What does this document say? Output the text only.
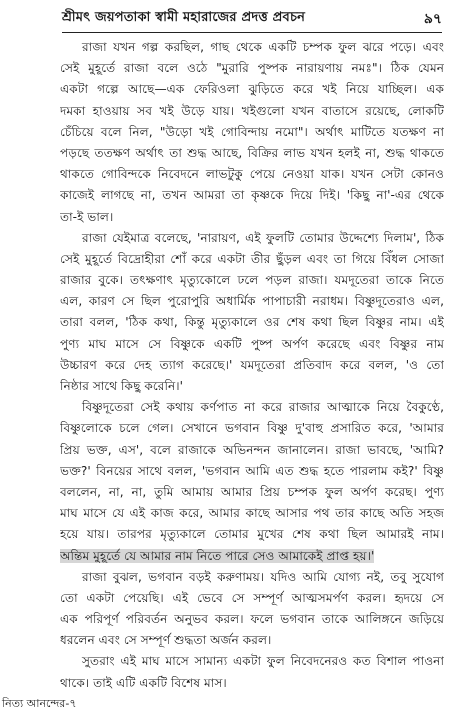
শ্রীমৎ জয়পতাকা স্বামী মহারাজের প্রদত্ত প্রবচন	৯৭
রাজা যখন গল্প করছিল, গাছ থেকে একটি চম্পক ফুল ঝরে পড়ে। এবং
সেই মুহূর্তে রাজা বলে ওঠে "মুরারি পুষ্পক নারায়ণায় নমঃ"। ঠিক যেমন
একটা গল্পে আছে—এক ফেরিওলা ঝুড়িতে করে খই নিয়ে যাচ্ছিল। এক
দমকা হাওয়ায় সব খই উড়ে যায়। খইগুলো যখন বাতাসে রয়েছে, লোকটি
চেঁচিয়ে বলে নিল, "উড়ো খই গোবিন্দায় নমো"। অর্থাৎ মাটিতে যতক্ষণ না
পড়ছে ততক্ষণ অর্থাৎ তা শুদ্ধ আছে, বিক্রির লাভ যখন হলই না, শুদ্ধ থাকতে
থাকতে গোবিন্দকে নিবেদনে লাভটুকু পেয়ে নেওয়া যাক। যখন সেটা কোনও
কাজেই লাগছে না, তখন আমরা তা কৃষ্ণকে দিয়ে দিই। 'কিছু না'-এর থেকে
তা-ই ভাল।
রাজা যেইমাত্র বলেছে, 'নারায়ণ, এই ফুলটি তোমার উদ্দেশ্যে দিলাম', ঠিক
সেই মুহূর্তে বিদ্রোহীরা শোঁ করে একটা তীর ছুঁড়ল এবং তা গিয়ে বিঁধল সোজা
রাজার বুকে। তৎক্ষণাৎ মৃত্যুকোলে ঢলে পড়ল রাজা। যমদূতেরা তাকে নিতে
এল, কারণ সে ছিল পুরোপুরি অধার্মিক পাপাচারী নরাধম। বিষ্ণুদূতেরাও এল,
তারা বলল, 'ঠিক কথা, কিন্তু মৃত্যুকালে ওর শেষ কথা ছিল বিষ্ণুর নাম। এই
পুণ্য মাঘ মাসে সে বিষ্ণুকে একটি পুষ্প অর্পণ করেছে এবং বিষ্ণুর নাম
উচ্চারণ করে দেহ ত্যাগ করেছে।' যমদূতেরা প্রতিবাদ করে বলল, 'ও তো
নিষ্ঠার সাথে কিছু করেনি।'
বিষ্ণুদূতেরা সেই কথায় কর্ণপাত না করে রাজার আত্মাকে নিয়ে বৈকুণ্ঠে,
বিষ্ণুলোকে চলে গেল। সেখানে ভগবান বিষ্ণু দু'বাহু প্রসারিত করে, 'আমার
প্রিয় ভক্ত, এস', বলে রাজাকে অভিনন্দন জানালেন। রাজা ভাবছে, 'আমি?
ভক্ত?' বিনয়ের সাথে বলল, 'ভগবান আমি এত শুদ্ধ হতে পারলাম কই?' বিষ্ণু
বললেন, না, না, তুমি আমায় আমার প্রিয় চম্পক ফুল অর্পণ করেছ। পুণ্য
মাঘ মাসে যে এই কাজ করে, আমার কাছে আসার পথ তার কাছে অতি সহজ
হয়ে যায়। তারপর মৃত্যুকালে তোমার মুখের শেষ কথা ছিল আমারই নাম।
অন্তিম মুহূর্তে যে আমার নাম নিতে পারে সেও আমাকেই প্রাপ্ত হয়।'
রাজা বুঝল, ভগবান বড়ই করুণাময়। যদিও আমি যোগ্য নই, তবু সুযোগ
তো একটা পেয়েছি। এই ভেবে সে সম্পূর্ণ আত্মসমর্পণ করল। হৃদয়ে সে
এক পরিপূর্ণ পরিবর্তন অনুভব করল। ফলে ভগবান তাকে আলিঙ্গনে জড়িয়ে
ধরলেন এবং সে সম্পূর্ণ শুদ্ধতা অর্জন করল।
সুতরাং এই মাঘ মাসে সামান্য একটা ফুল নিবেদনেরও কত বিশাল পাওনা
থাকে। তাই এটি একটি বিশেষ মাস।
নিত্য আনন্দের-৭
